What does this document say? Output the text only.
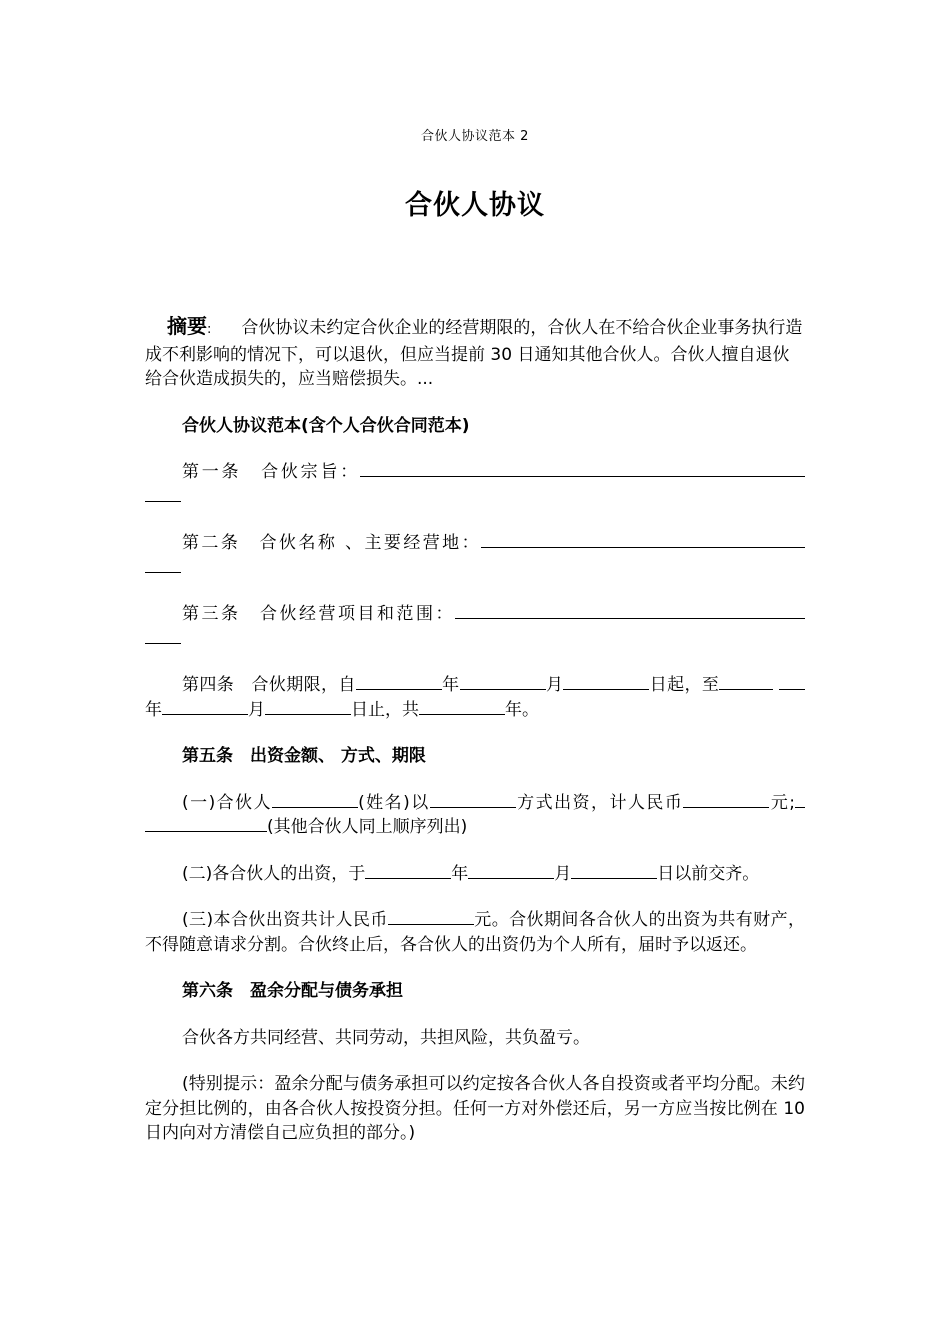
合伙人协议范本 2
合伙人协议

摘要: 合伙协议未约定合伙企业的经营期限的，合伙人在不给合伙企业事务执行造成不利影响的情况下，可以退伙，但应当提前 30 日通知其他合伙人。合伙人擅自退伙给合伙造成损失的，应当赔偿损失。...

合伙人协议范本(含个人合伙合同范本)

第一条　合伙宗旨：

第二条　合伙名称 、主要经营地：

第三条　合伙经营项目和范围：

第四条　合伙期限，自	年	月	日起，至 年	月	日止，共	年。

第五条　出资金额、 方式、期限

(一)合伙人	(姓名)以	方式出资，计人民币	元; (其他合伙人同上顺序列出)

(二)各合伙人的出资，于	年	月	日以前交齐。

(三)本合伙出资共计人民币	元。合伙期间各合伙人的出资为共有财产，不得随意请求分割。合伙终止后，各合伙人的出资仍为个人所有，届时予以返还。

第六条　盈余分配与债务承担

合伙各方共同经营、共同劳动，共担风险，共负盈亏。

(特别提示：盈余分配与债务承担可以约定按各合伙人各自投资或者平均分配。未约定分担比例的，由各合伙人按投资分担。任何一方对外偿还后，另一方应当按比例在 10 日内向对方清偿自己应负担的部分。)
